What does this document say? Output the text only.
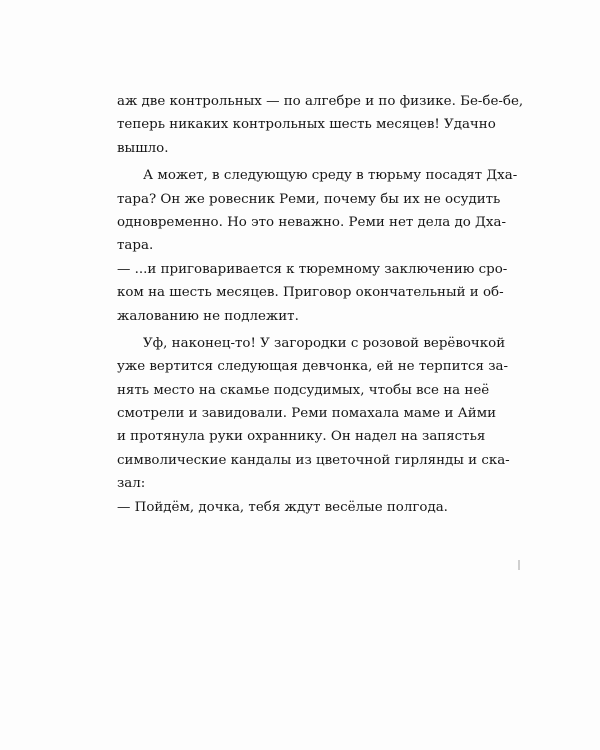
аж две контрольных — по алгебре и по физике. Бе-бе-бе,
теперь никаких контрольных шесть месяцев! Удачно
вышло.
А может, в следующую среду в тюрьму посадят Дха-
тара? Он же ровесник Реми, почему бы их не осудить
одновременно. Но это неважно. Реми нет дела до Дха-
тара.
— ...и приговаривается к тюремному заключению сро-
ком на шесть месяцев. Приговор окончательный и об-
жалованию не подлежит.
Уф, наконец-то! У загородки с розовой верёвочкой
уже вертится следующая девчонка, ей не терпится за-
нять место на скамье подсудимых, чтобы все на неё
смотрели и завидовали. Реми помахала маме и Айми
и протянула руки охраннику. Он надел на запястья
символические кандалы из цветочной гирлянды и ска-
зал:
— Пойдём, дочка, тебя ждут весёлые полгода.
